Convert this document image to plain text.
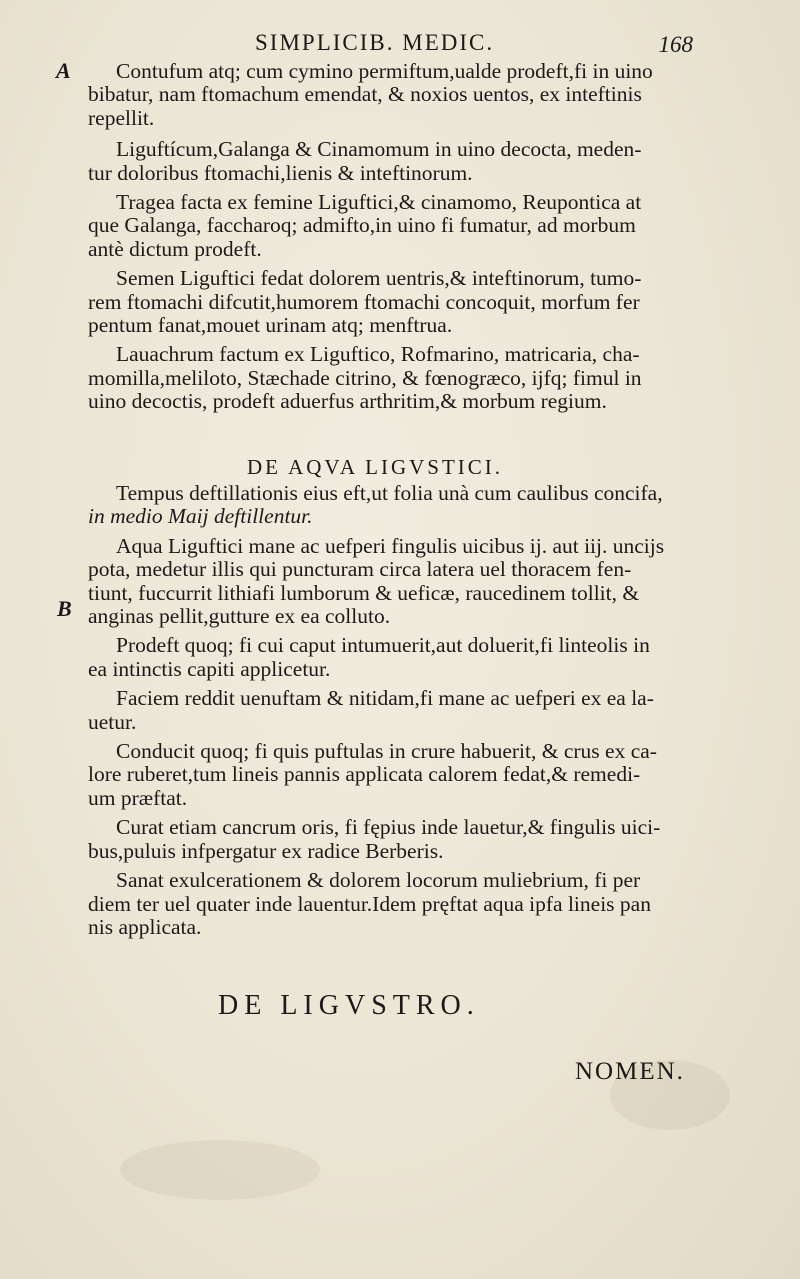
SIMPLICIB. MEDIC.	168
A
B

Contufum atq; cum cymino permiftum,ualde prodeft,fi in uino
bibatur, nam ftomachum emendat, & noxios uentos, ex inteftinis
repellit.

Liguftícum,Galanga & Cinamomum in uino decocta, meden-
tur doloribus ftomachi,lienis & inteftinorum.

Tragea facta ex femine Liguftici,& cinamomo, Reupontica at
que Galanga, faccharoq; admifto,in uino fi fumatur, ad morbum
antè dictum prodeft.

Semen Liguftici fedat dolorem uentris,& inteftinorum, tumo-
rem ftomachi difcutit,humorem ftomachi concoquit, morfum fer
pentum fanat,mouet urinam atq; menftrua.

Lauachrum factum ex Liguftico, Rofmarino, matricaria, cha-
momilla,meliloto, Stæchade citrino, & fœnogræco, ijfq; fimul in
uino decoctis, prodeft aduerfus arthritim,& morbum regium.

DE AQVA LIGVSTICI.

Tempus deftillationis eius eft,ut folia unà cum caulibus concifa,
in medio Maij deftillentur.

Aqua Liguftici mane ac uefperi fingulis uicibus ij. aut iij. uncijs
pota, medetur illis qui puncturam circa latera uel thoracem fen-
tiunt, fuccurrit lithiafi lumborum & ueficæ, raucedinem tollit, &
anginas pellit,gutture ex ea colluto.

Prodeft quoq; fi cui caput intumuerit,aut doluerit,fi linteolis in
ea intinctis capiti applicetur.

Faciem reddit uenuftam & nitidam,fi mane ac uefperi ex ea la-
uetur.

Conducit quoq; fi quis puftulas in crure habuerit, & crus ex ca-
lore ruberet,tum lineis pannis applicata calorem fedat,& remedi-
um præftat.

Curat etiam cancrum oris, fi fępius inde lauetur,& fingulis uici-
bus,puluis infpergatur ex radice Berberis.

Sanat exulcerationem & dolorem locorum muliebrium, fi per
diem ter uel quater inde lauentur.Idem pręftat aqua ipfa lineis pan
nis applicata.

DE LIGVSTRO.
NOMEN.
